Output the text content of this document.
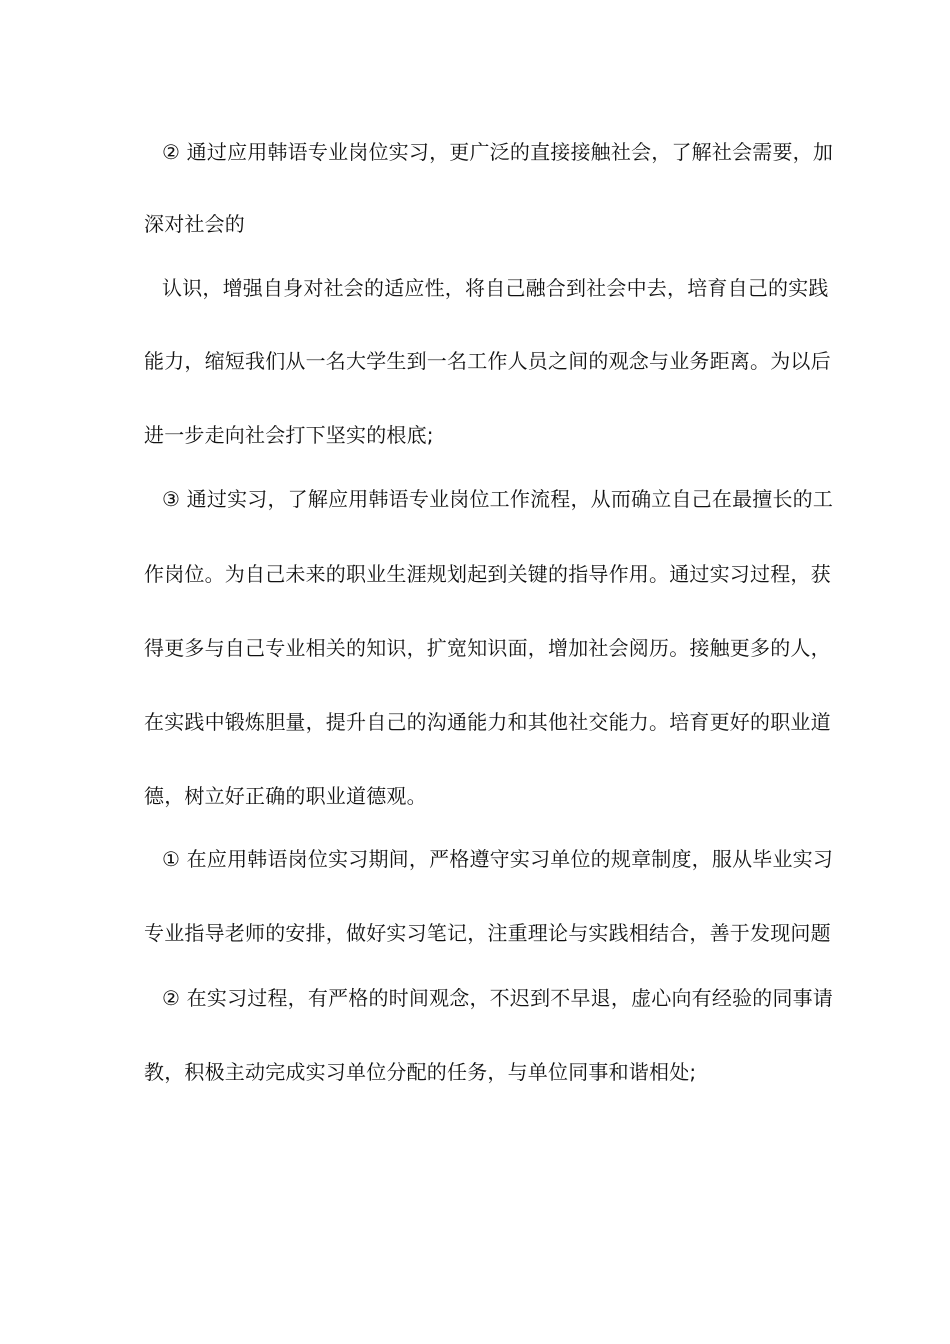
② 通过应用韩语专业岗位实习，更广泛的直接接触社会，了解社会需要，加
深对社会的
认识，增强自身对社会的适应性，将自己融合到社会中去，培育自己的实践
能力，缩短我们从一名大学生到一名工作人员之间的观念与业务距离。为以后
进一步走向社会打下坚实的根底;
③ 通过实习，了解应用韩语专业岗位工作流程，从而确立自己在最擅长的工
作岗位。为自己未来的职业生涯规划起到关键的指导作用。通过实习过程，获
得更多与自己专业相关的知识，扩宽知识面，增加社会阅历。接触更多的人，
在实践中锻炼胆量，提升自己的沟通能力和其他社交能力。培育更好的职业道
德，树立好正确的职业道德观。
① 在应用韩语岗位实习期间，严格遵守实习单位的规章制度，服从毕业实习
专业指导老师的安排，做好实习笔记，注重理论与实践相结合，善于发现问题
② 在实习过程，有严格的时间观念，不迟到不早退，虚心向有经验的同事请
教，积极主动完成实习单位分配的任务，与单位同事和谐相处;
